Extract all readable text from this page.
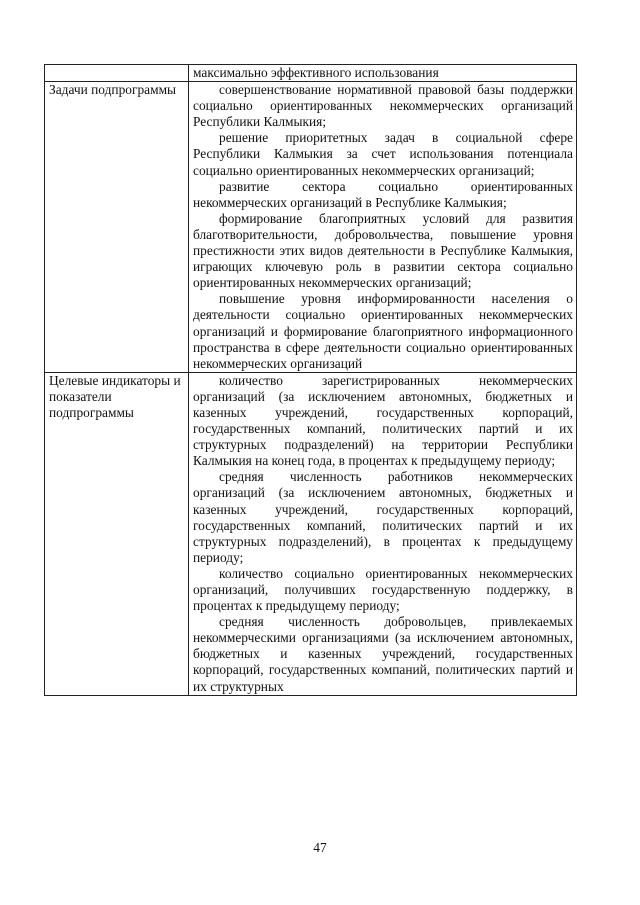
	максимально эффективного использования

Задачи подпрограммы	совершенствование нормативной правовой базы поддержки социально ориентированных некоммерческих организаций Республики Калмыкия;

решение приоритетных задач в социальной сфере Республики Калмыкия за счет использования потенциала социально ориентированных некоммерческих организаций;

развитие сектора социально ориентированных некоммерческих организаций в Республике Калмыкия;

формирование благоприятных условий для развития благотворительности, добровольчества, повышение уровня престижности этих видов деятельности в Республике Калмыкия, играющих ключевую роль в развитии сектора социально ориентированных некоммерческих организаций;

повышение уровня информированности населения о деятельности социально ориентированных некоммерческих организаций и формирование благоприятного информационного пространства в сфере деятельности социально ориентированных некоммерческих организаций

Целевые индикаторы и показатели подпрограммы	количество зарегистрированных некоммерческих организаций (за исключением автономных, бюджетных и казенных учреждений, государственных корпораций, государственных компаний, политических партий и их структурных подразделений) на территории Республики Калмыкия на конец года, в процентах к предыдущему периоду;

средняя численность работников некоммерческих организаций (за исключением автономных, бюджетных и казенных учреждений, государственных корпораций, государственных компаний, политических партий и их структурных подразделений), в процентах к предыдущему периоду;

количество социально ориентированных некоммерческих организаций, получивших государственную поддержку, в процентах к предыдущему периоду;

средняя численность добровольцев, привлекаемых некоммерческими организациями (за исключением автономных, бюджетных и казенных учреждений, государственных корпораций, государственных компаний, политических партий и их структурных

47
